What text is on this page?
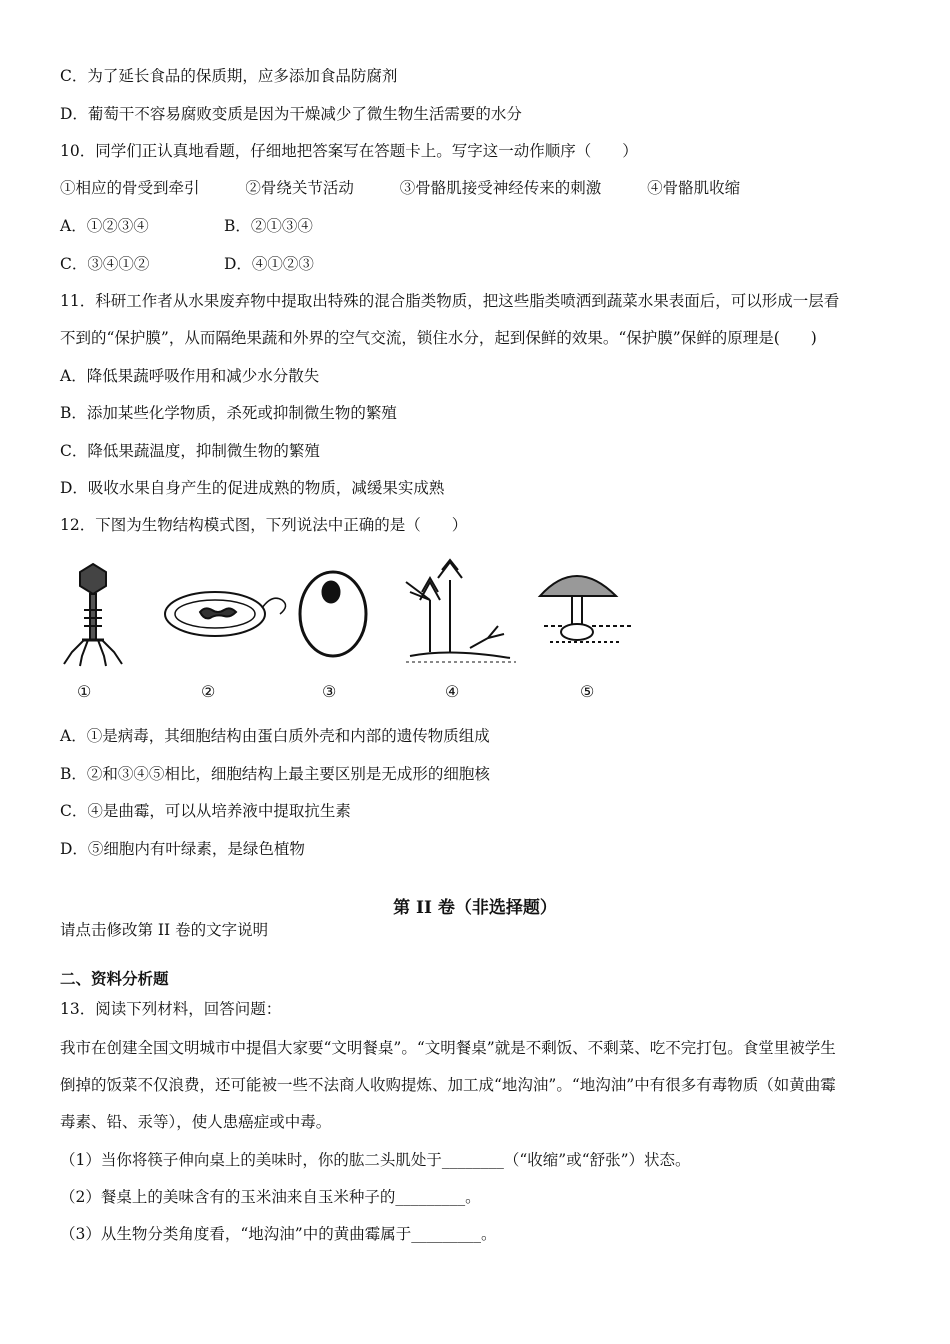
C．为了延长食品的保质期，应多添加食品防腐剂
D．葡萄干不容易腐败变质是因为干燥减少了微生物生活需要的水分
10．同学们正认真地看题，仔细地把答案写在答题卡上。写字这一动作顺序（　　）
①相应的骨受到牵引	②骨绕关节活动	③骨骼肌接受神经传来的刺激	④骨骼肌收缩
A．①②③④	B．②①③④
C．③④①②	D．④①②③
11．科研工作者从水果废弃物中提取出特殊的混合脂类物质，把这些脂类喷洒到蔬菜水果表面后，可以形成一层看
不到的“保护膜”，从而隔绝果蔬和外界的空气交流，锁住水分，起到保鲜的效果。“保护膜”保鲜的原理是(　　)
A．降低果蔬呼吸作用和减少水分散失
B．添加某些化学物质，杀死或抑制微生物的繁殖
C．降低果蔬温度，抑制微生物的繁殖
D．吸收水果自身产生的促进成熟的物质，减缓果实成熟
12．下图为生物结构模式图，下列说法中正确的是（　　）
①	②	③	④	⑤
A．①是病毒，其细胞结构由蛋白质外壳和内部的遗传物质组成
B．②和③④⑤相比，细胞结构上最主要区别是无成形的细胞核
C．④是曲霉，可以从培养液中提取抗生素
D．⑤细胞内有叶绿素，是绿色植物
第 II 卷（非选择题）
请点击修改第 II 卷的文字说明
二、资料分析题
13．阅读下列材料，回答问题：
我市在创建全国文明城市中提倡大家要“文明餐桌”。“文明餐桌”就是不剩饭、不剩菜、吃不完打包。食堂里被学生
倒掉的饭菜不仅浪费，还可能被一些不法商人收购提炼、加工成“地沟油”。“地沟油”中有很多有毒物质（如黄曲霉
毒素、铅、汞等），使人患癌症或中毒。
（1）当你将筷子伸向桌上的美味时，你的肱二头肌处于________（“收缩”或“舒张”）状态。
（2）餐桌上的美味含有的玉米油来自玉米种子的_________。
（3）从生物分类角度看，“地沟油”中的黄曲霉属于_________。
